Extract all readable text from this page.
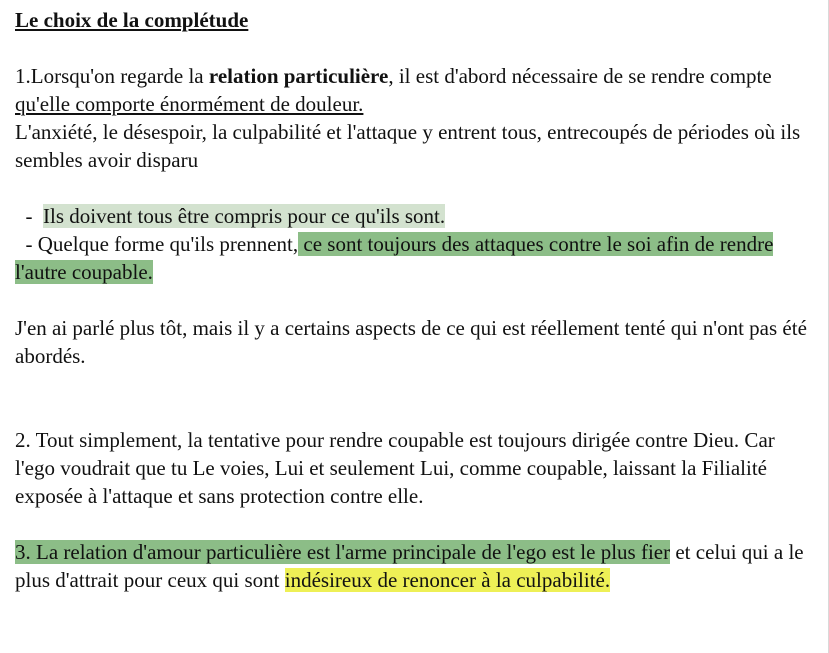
Le choix de la complétude

1.Lorsqu'on regarde la relation particulière, il est d'abord nécessaire de se rendre compte qu'elle comporte énormément de douleur.
L'anxiété, le désespoir, la culpabilité et l'attaque y entrent tous, entrecoupés de périodes où ils sembles avoir disparu

-  Ils doivent tous être compris pour ce qu'ils sont.

- Quelque forme qu'ils prennent, ce sont toujours des attaques contre le soi afin de rendre l'autre coupable.

J'en ai parlé plus tôt, mais il y a certains aspects de ce qui est réellement tenté qui n'ont pas été abordés.

2. Tout simplement, la tentative pour rendre coupable est toujours dirigée contre Dieu. Car l'ego voudrait que tu Le voies, Lui et seulement Lui, comme coupable, laissant la Filialité exposée à l'attaque et sans protection contre elle.

3. La relation d'amour particulière est l'arme principale de l'ego est le plus fier et celui qui a le plus d'attrait pour ceux qui sont indésireux de renoncer à la culpabilité.
